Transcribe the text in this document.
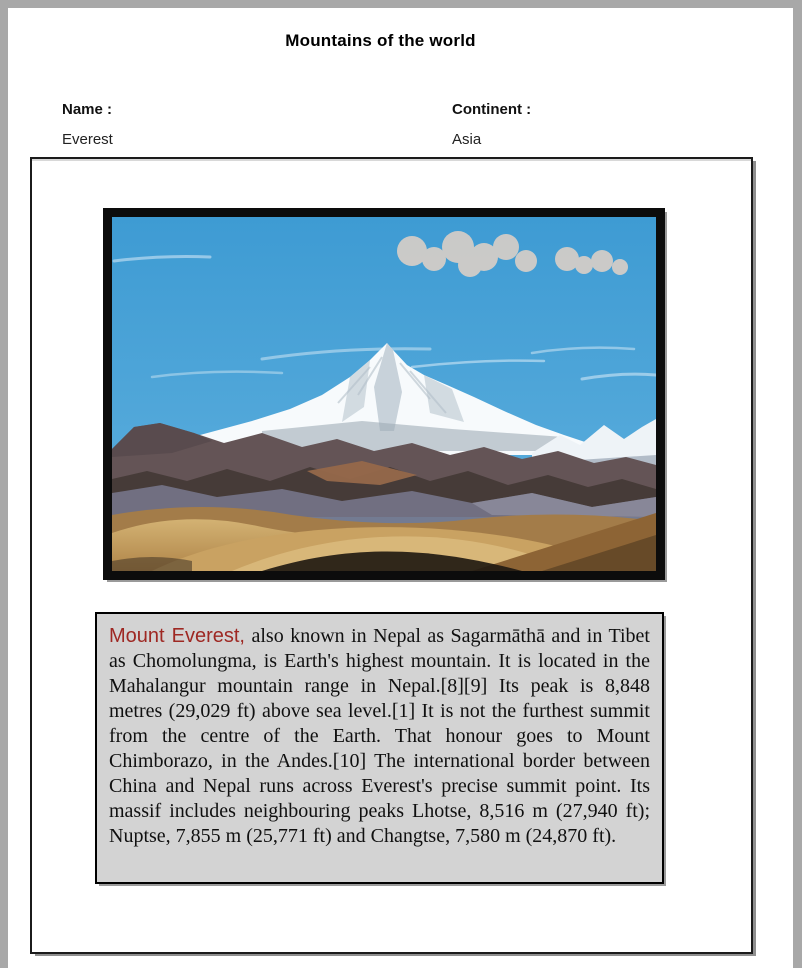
Mountains of the world
Name :
Everest
Continent :
Asia
Mount Everest, also known in Nepal as Sagarmāthā and in Tibet as Chomolungma, is Earth's highest mountain. It is located in the Mahalangur mountain range in Nepal.[8][9] Its peak is 8,848 metres (29,029 ft) above sea level.[1] It is not the furthest summit from the centre of the Earth. That honour goes to Mount Chimborazo, in the Andes.[10] The international border between China and Nepal runs across Everest's precise summit point. Its massif includes neighbouring peaks Lhotse, 8,516 m (27,940 ft); Nuptse, 7,855 m (25,771 ft) and Changtse, 7,580 m (24,870 ft).
